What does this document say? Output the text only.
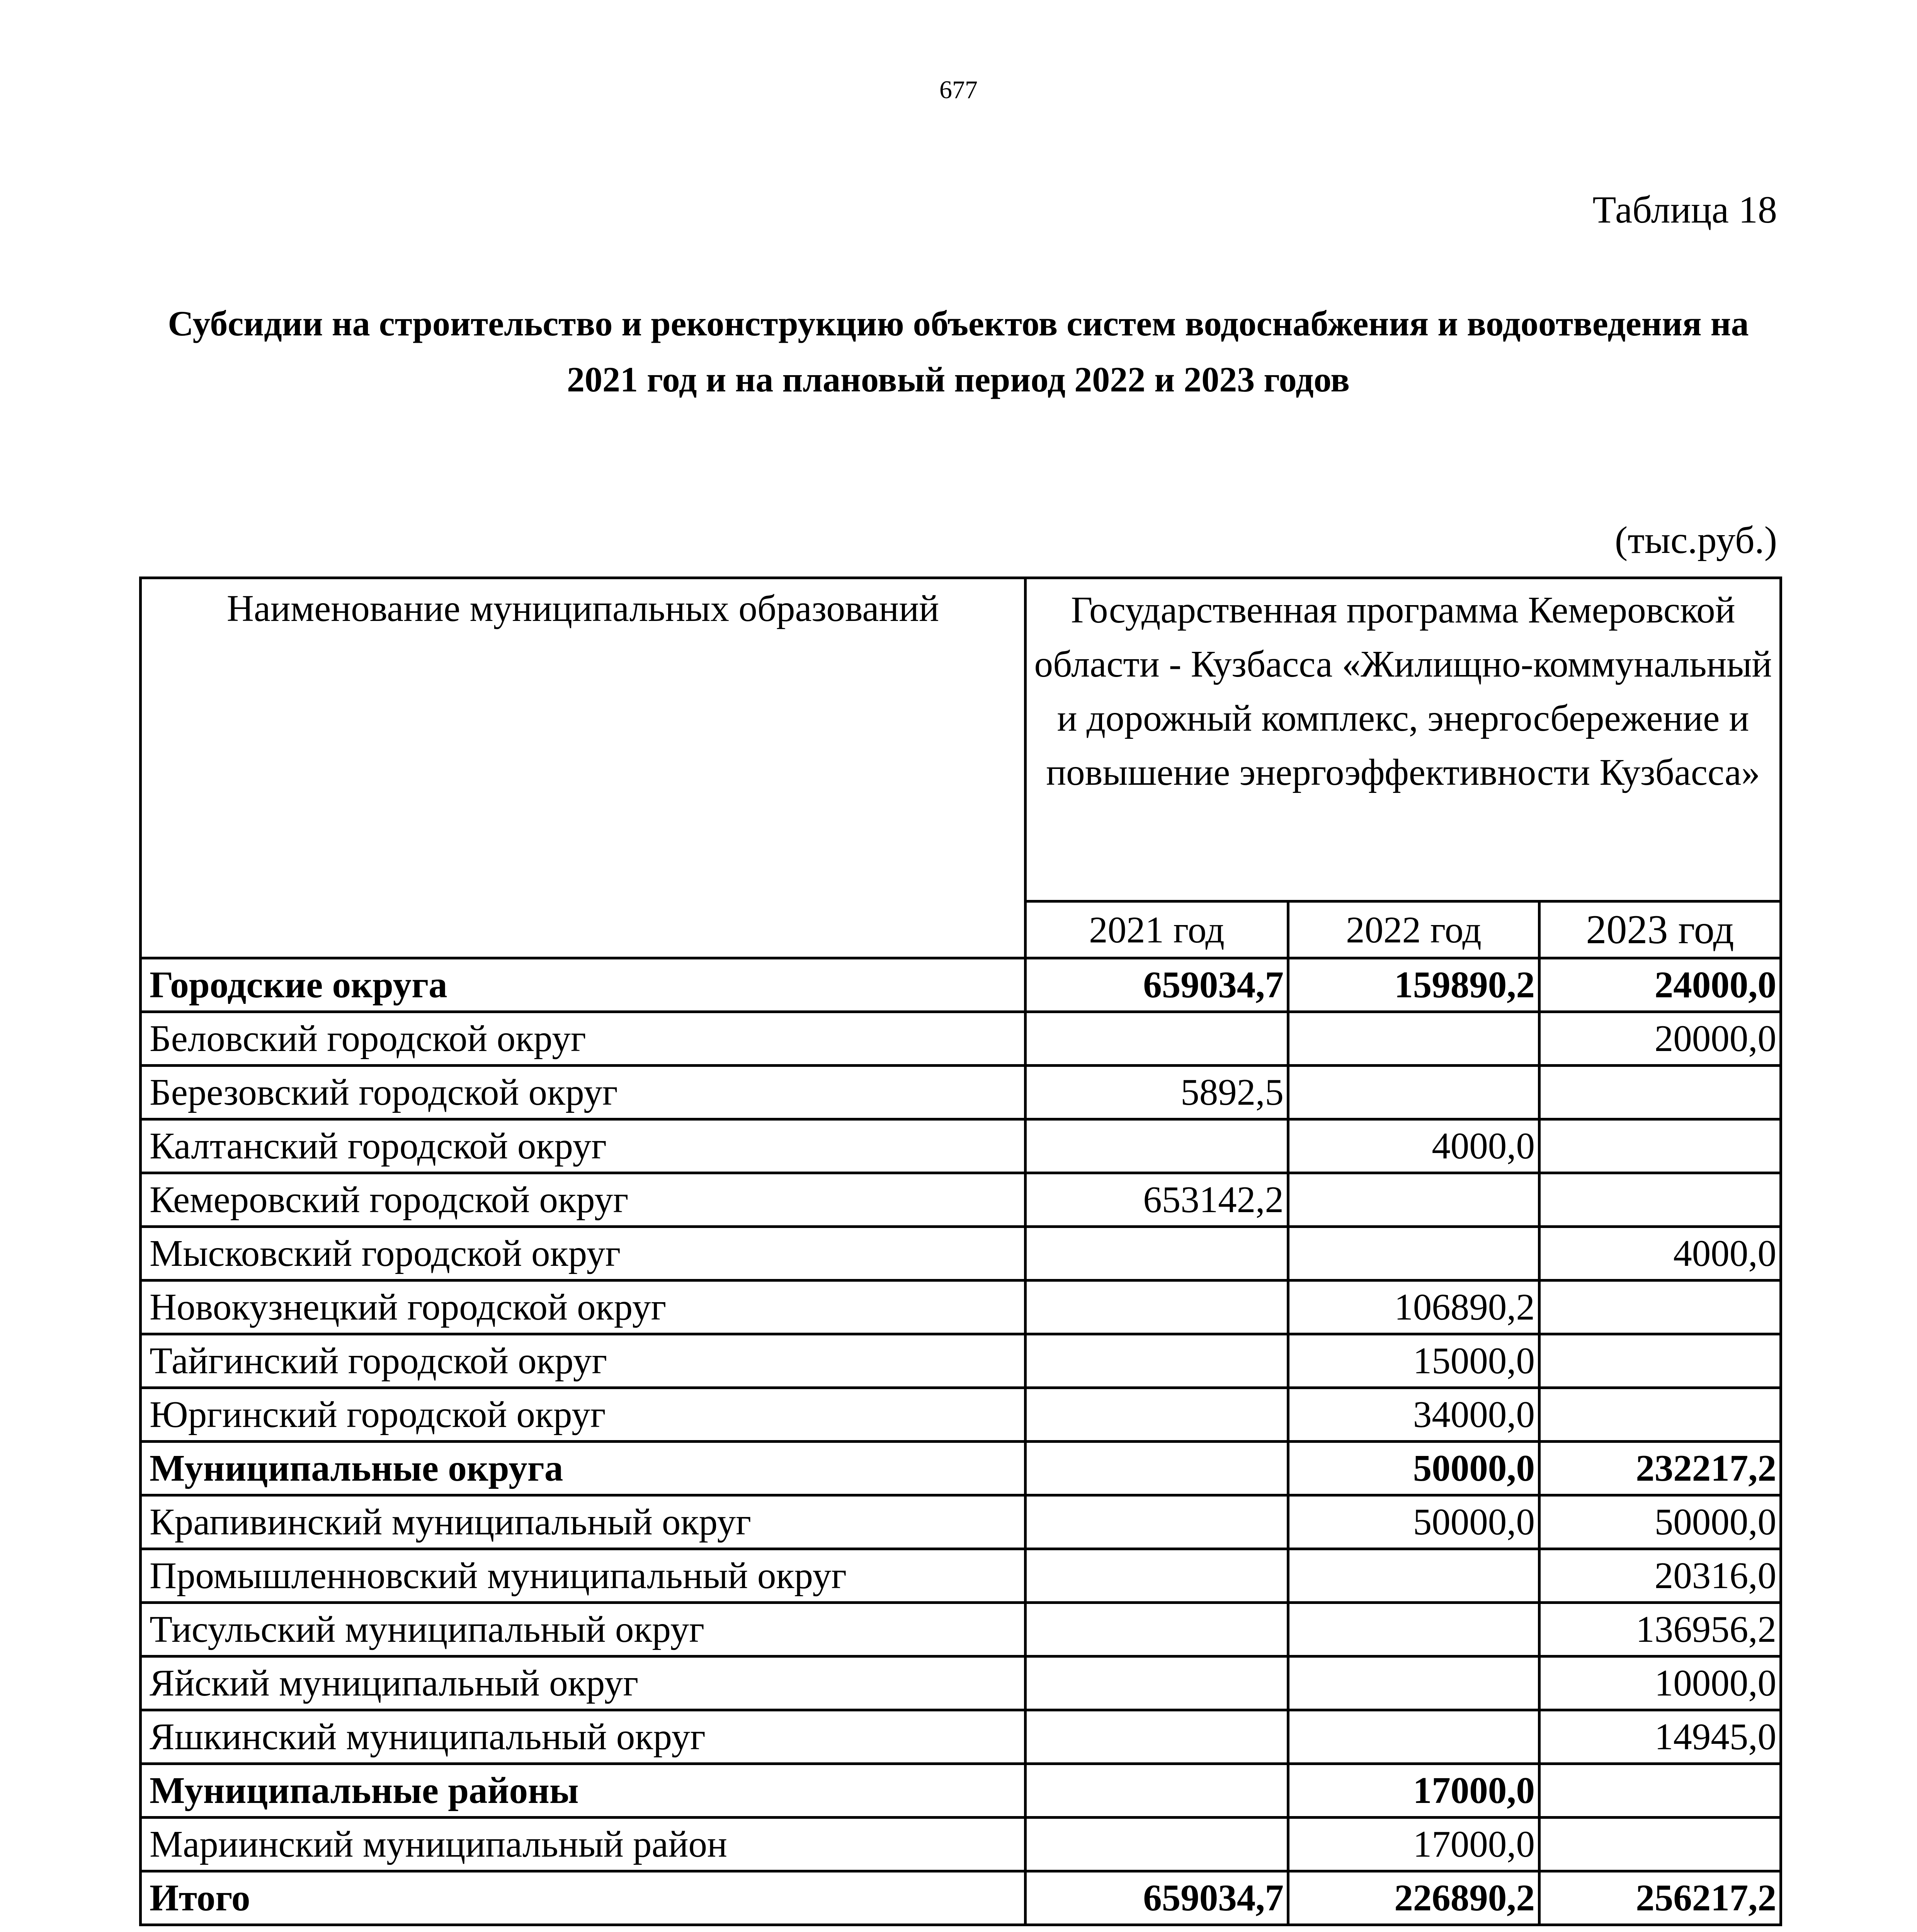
677
Таблица 18
Субсидии на строительство и реконструкцию объектов систем водоснабжения и водоотведения на 2021 год и на плановый период 2022 и 2023 годов
(тыс.руб.)
Наименование муниципальных образований	Государственная программа Кемеровской области - Кузбасса «Жилищно-коммунальный и дорожный комплекс, энергосбережение и повышение энергоэффективности Кузбасса»		
	2021 год	2022 год	2023 год
Городские округа	659034,7	159890,2	24000,0
Беловский городской округ			20000,0
Березовский городской округ	5892,5		
Калтанский городской округ		4000,0	
Кемеровский городской округ	653142,2		
Мысковский городской округ			4000,0
Новокузнецкий городской округ		106890,2	
Тайгинский городской округ		15000,0	
Юргинский городской округ		34000,0	
Муниципальные округа		50000,0	232217,2
Крапивинский муниципальный округ		50000,0	50000,0
Промышленновский муниципальный округ			20316,0
Тисульский муниципальный округ			136956,2
Яйский муниципальный округ			10000,0
Яшкинский муниципальный округ			14945,0
Муниципальные районы		17000,0	
Мариинский муниципальный район		17000,0	
Итого	659034,7	226890,2	256217,2
